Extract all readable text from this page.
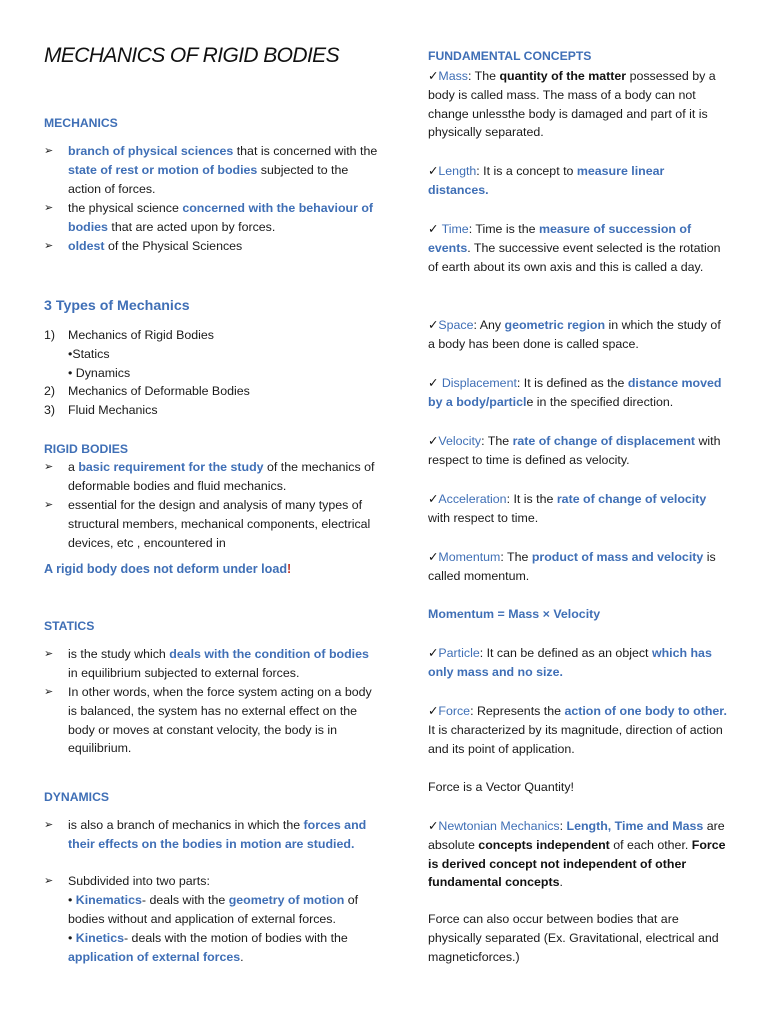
MECHANICS OF RIGID BODIES
MECHANICS
➢ branch of physical sciences that is concerned with the state of rest or motion of bodies subjected to the action of forces.
➢ the physical science concerned with the behaviour of bodies that are acted upon by forces.
➢ oldest of the Physical Sciences
3 Types of Mechanics
1) Mechanics of Rigid Bodies
•Statics
• Dynamics
2) Mechanics of Deformable Bodies
3) Fluid Mechanics
RIGID BODIES
➢ a basic requirement for the study of the mechanics of deformable bodies and fluid mechanics.
➢ essential for the design and analysis of many types of structural members, mechanical components, electrical devices, etc , encountered in
A rigid body does not deform under load!
STATICS
➢ is the study which deals with the condition of bodies in equilibrium subjected to external forces.
➢ In other words, when the force system acting on a body is balanced, the system has no external effect on the body or moves at constant velocity, the body is in equilibrium.
DYNAMICS
➢ is also a branch of mechanics in which the forces and their effects on the bodies in motion are studied.
➢ Subdivided into two parts:
• Kinematics- deals with the geometry of motion of bodies without and application of external forces.
• Kinetics- deals with the motion of bodies with the application of external forces.
FUNDAMENTAL CONCEPTS
✓Mass: The quantity of the matter possessed by a body is called mass. The mass of a body can not change unlessthe body is damaged and part of it is physically separated.
✓Length: It is a concept to measure linear distances.
✓ Time: Time is the measure of succession of events. The successive event selected is the rotation of earth about its own axis and this is called a day.
✓Space: Any geometric region in which the study of a body has been done is called space.
✓ Displacement: It is defined as the distance moved by a body/particle in the specified direction.
✓Velocity: The rate of change of displacement with respect to time is defined as velocity.
✓Acceleration: It is the rate of change of velocity with respect to time.
✓Momentum: The product of mass and velocity is called momentum.
Momentum = Mass × Velocity
✓Particle: It can be defined as an object which has only mass and no size.
✓Force: Represents the action of one body to other. It is characterized by its magnitude, direction of action and its point of application.
Force is a Vector Quantity!
✓Newtonian Mechanics: Length, Time and Mass are absolute concepts independent of each other. Force is derived concept not independent of other fundamental concepts.
Force can also occur between bodies that are physically separated (Ex. Gravitational, electrical and magneticforces.)
